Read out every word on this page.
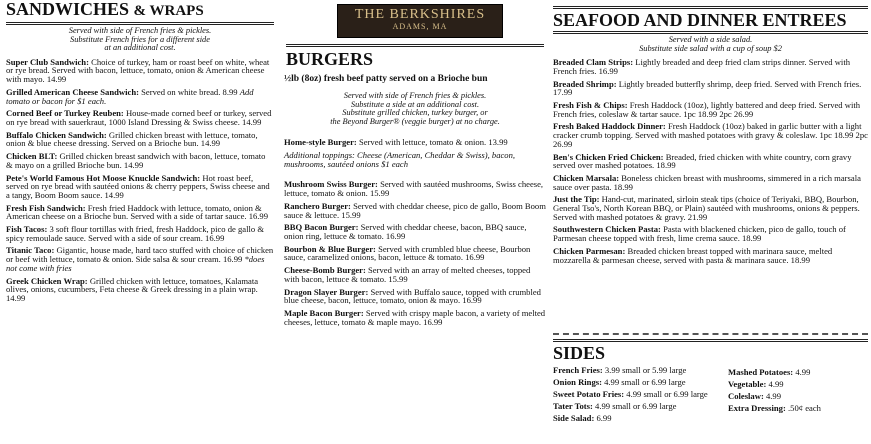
THE BERKSHIRES
ADAMS, MA
SANDWICHES & WRAPS
Served with side of French fries & pickles.
Substitute French fries for a different side
at an additional cost.
Super Club Sandwich: Choice of turkey, ham or roast beef on white, wheat or rye bread. Served with bacon, lettuce, tomato, onion & American cheese with mayo. 14.99
Grilled American Cheese Sandwich: Served on white bread. 8.99 Add tomato or bacon for $1 each.
Corned Beef or Turkey Reuben: House-made corned beef or turkey, served on rye bread with sauerkraut, 1000 Island Dressing & Swiss cheese. 14.99
Buffalo Chicken Sandwich: Grilled chicken breast with lettuce, tomato, onion & blue cheese dressing. Served on a Brioche bun. 14.99
Chicken BLT: Grilled chicken breast sandwich with bacon, lettuce, tomato & mayo on a grilled Brioche bun. 14.99
Pete's World Famous Hot Moose Knuckle Sandwich: Hot roast beef, served on rye bread with sautéed onions & cherry peppers, Swiss cheese and a tangy, Boom Boom sauce. 14.99
Fresh Fish Sandwich: Fresh fried Haddock with lettuce, tomato, onion & American cheese on a Brioche bun. Served with a side of tartar sauce. 16.99
Fish Tacos: 3 soft flour tortillas with fried, fresh Haddock, pico de gallo & spicy remoulade sauce. Served with a side of sour cream. 16.99
Titanic Taco: Gigantic, house made, hard taco stuffed with choice of chicken or beef with lettuce, tomato & onion. Side salsa & sour cream. 16.99 *does not come with fries
Greek Chicken Wrap: Grilled chicken with lettuce, tomatoes, Kalamata olives, onions, cucumbers, Feta cheese & Greek dressing in a plain wrap. 14.99
BURGERS
½lb (8oz) fresh beef patty served on a Brioche bun
Served with side of French fries & pickles.
Substitute a side at an additional cost.
Substitute grilled chicken, turkey burger, or
the Beyond Burger® (veggie burger) at no charge.
Home-style Burger: Served with lettuce, tomato & onion. 13.99
Additional toppings: Cheese (American, Cheddar & Swiss), bacon, mushrooms, sautéed onions $1 each
Mushroom Swiss Burger: Served with sautéed mushrooms, Swiss cheese, lettuce, tomato & onion. 15.99
Ranchero Burger: Served with cheddar cheese, pico de gallo, Boom Boom sauce & lettuce. 15.99
BBQ Bacon Burger: Served with cheddar cheese, bacon, BBQ sauce, onion ring, lettuce & tomato. 16.99
Bourbon & Blue Burger: Served with crumbled blue cheese, Bourbon sauce, caramelized onions, bacon, lettuce & tomato. 16.99
Cheese-Bomb Burger: Served with an array of melted cheeses, topped with bacon, lettuce & tomato. 15.99
Dragon Slayer Burger: Served with Buffalo sauce, topped with crumbled blue cheese, bacon, lettuce, tomato, onion & mayo. 16.99
Maple Bacon Burger: Served with crispy maple bacon, a variety of melted cheeses, lettuce, tomato & maple mayo. 16.99
SEAFOOD AND DINNER ENTREES
Served with a side salad.
Substitute side salad with a cup of soup $2
Breaded Clam Strips: Lightly breaded and deep fried clam strips dinner. Served with French fries. 16.99
Breaded Shrimp: Lightly breaded butterfly shrimp, deep fried. Served with French fries. 17.99
Fresh Fish & Chips: Fresh Haddock (10oz), lightly battered and deep fried. Served with French fries, coleslaw & tartar sauce. 1pc 18.99 2pc 26.99
Fresh Baked Haddock Dinner: Fresh Haddock (10oz) baked in garlic butter with a light cracker crumb topping. Served with mashed potatoes with gravy & coleslaw. 1pc 18.99 2pc 26.99
Ben's Chicken Fried Chicken: Breaded, fried chicken with white country, corn gravy served over mashed potatoes. 18.99
Chicken Marsala: Boneless chicken breast with mushrooms, simmered in a rich marsala sauce over pasta. 18.99
Just the Tip: Hand-cut, marinated, sirloin steak tips (choice of Teriyaki, BBQ, Bourbon, General Tso's, North Korean BBQ, or Plain) sautéed with mushrooms, onions & peppers. Served with mashed potatoes & gravy. 21.99
Southwestern Chicken Pasta: Pasta with blackened chicken, pico de gallo, touch of Parmesan cheese topped with fresh, lime crema sauce. 18.99
Chicken Parmesan: Breaded chicken breast topped with marinara sauce, melted mozzarella & parmesan cheese, served with pasta & marinara sauce. 18.99
SIDES
French Fries: 3.99 small or 5.99 large
Onion Rings: 4.99 small or 6.99 large
Sweet Potato Fries: 4.99 small or 6.99 large
Tater Tots: 4.99 small or 6.99 large
Side Salad: 6.99
Mashed Potatoes: 4.99
Vegetable: 4.99
Coleslaw: 4.99
Extra Dressing: .50¢ each
